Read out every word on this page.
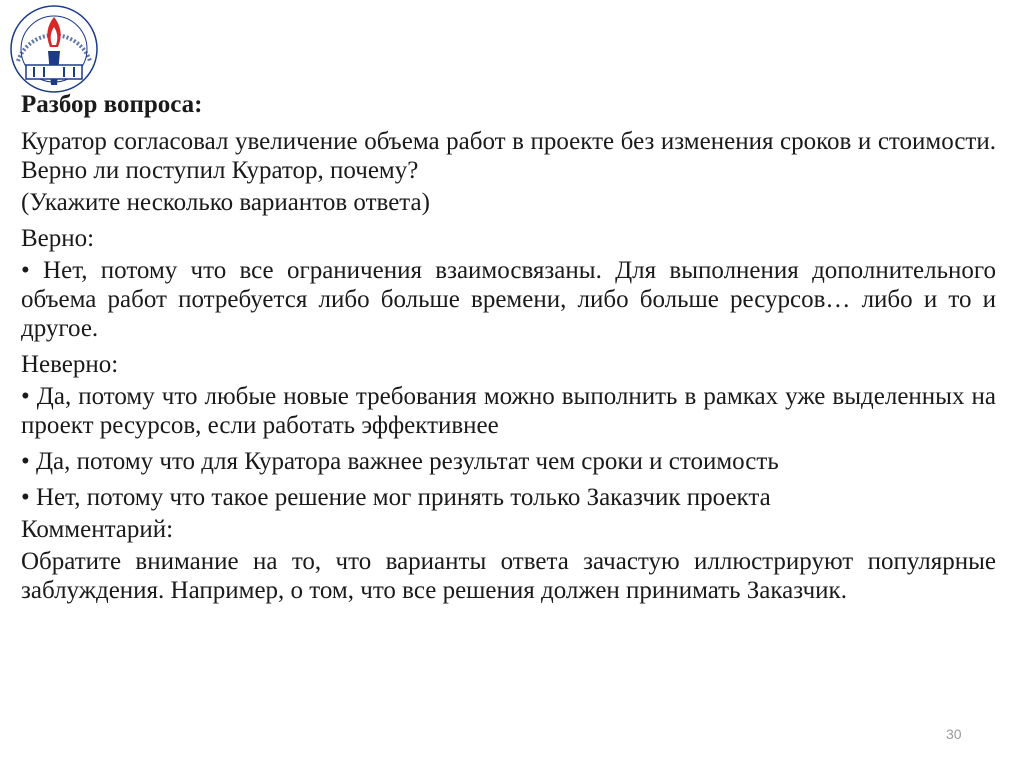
Разбор вопроса:

Куратор согласовал увеличение объема работ в проекте без изменения сроков и стоимости. Верно ли поступил Куратор, почему?

(Укажите несколько вариантов ответа)

Верно:

• Нет, потому что все ограничения взаимосвязаны. Для выполнения дополнительного объема работ потребуется либо больше времени, либо больше ресурсов… либо и то и другое.

Неверно:

• Да, потому что любые новые требования можно выполнить в рамках уже выделенных на проект ресурсов, если работать эффективнее

• Да, потому что для Куратора важнее результат чем сроки и стоимость

• Нет, потому что такое решение мог принять только Заказчик проекта

Комментарий:

Обратите внимание на то, что варианты ответа зачастую иллюстрируют популярные заблуждения. Например, о том, что все решения должен принимать Заказчик.

30
